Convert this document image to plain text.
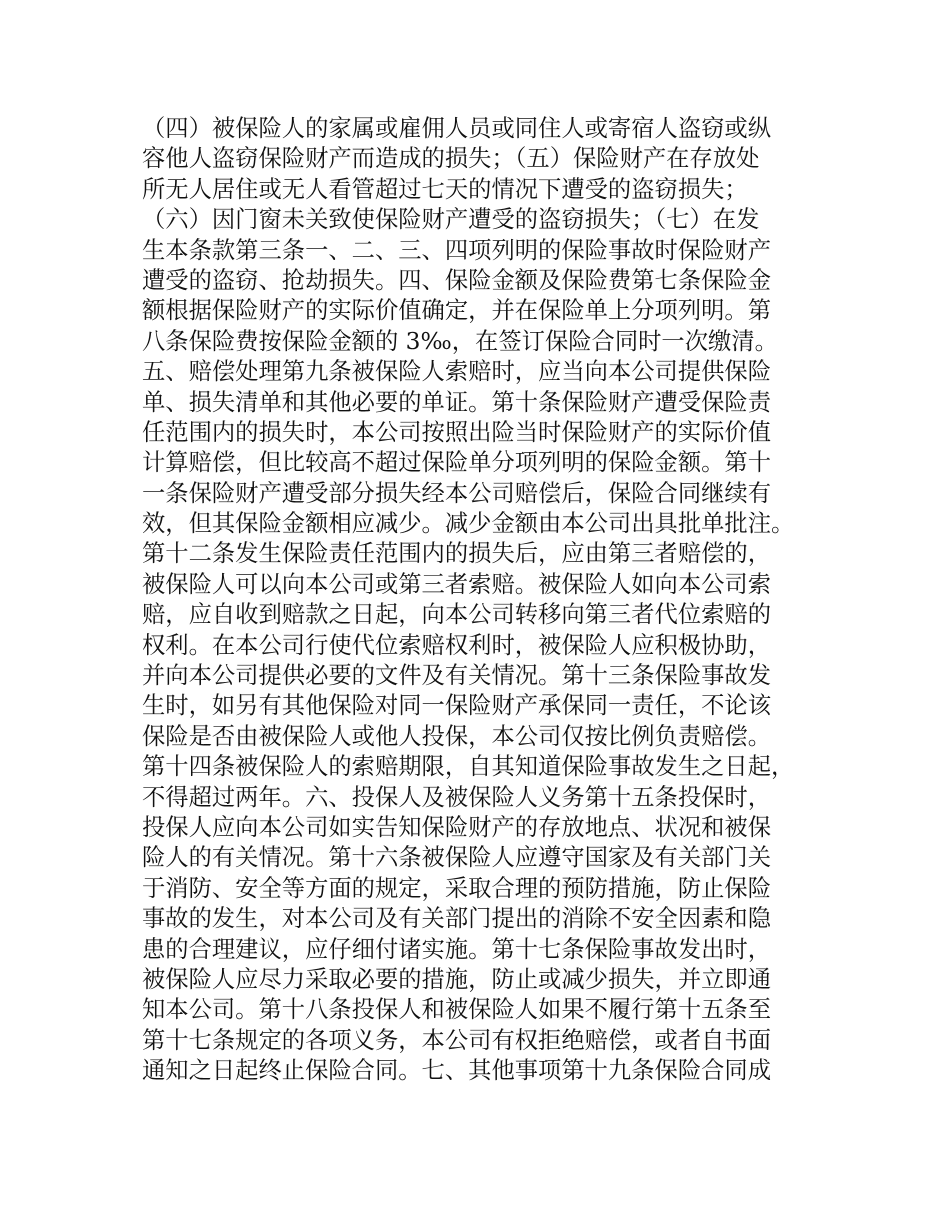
（四）被保险人的家属或雇佣人员或同住人或寄宿人盗窃或纵
容他人盗窃保险财产而造成的损失；（五）保险财产在存放处
所无人居住或无人看管超过七天的情况下遭受的盗窃损失；
（六）因门窗未关致使保险财产遭受的盗窃损失；（七）在发
生本条款第三条一、二、三、四项列明的保险事故时保险财产
遭受的盗窃、抢劫损失。四、保险金额及保险费第七条保险金
额根据保险财产的实际价值确定，并在保险单上分项列明。第
八条保险费按保险金额的 3‰，在签订保险合同时一次缴清。
五、赔偿处理第九条被保险人索赔时，应当向本公司提供保险
单、损失清单和其他必要的单证。第十条保险财产遭受保险责
任范围内的损失时，本公司按照出险当时保险财产的实际价值
计算赔偿，但比较高不超过保险单分项列明的保险金额。第十
一条保险财产遭受部分损失经本公司赔偿后，保险合同继续有
效，但其保险金额相应减少。减少金额由本公司出具批单批注。
第十二条发生保险责任范围内的损失后，应由第三者赔偿的，
被保险人可以向本公司或第三者索赔。被保险人如向本公司索
赔，应自收到赔款之日起，向本公司转移向第三者代位索赔的
权利。在本公司行使代位索赔权利时，被保险人应积极协助，
并向本公司提供必要的文件及有关情况。第十三条保险事故发
生时，如另有其他保险对同一保险财产承保同一责任，不论该
保险是否由被保险人或他人投保，本公司仅按比例负责赔偿。
第十四条被保险人的索赔期限，自其知道保险事故发生之日起，
不得超过两年。六、投保人及被保险人义务第十五条投保时，
投保人应向本公司如实告知保险财产的存放地点、状况和被保
险人的有关情况。第十六条被保险人应遵守国家及有关部门关
于消防、安全等方面的规定，采取合理的预防措施，防止保险
事故的发生，对本公司及有关部门提出的消除不安全因素和隐
患的合理建议，应仔细付诸实施。第十七条保险事故发出时，
被保险人应尽力采取必要的措施，防止或减少损失，并立即通
知本公司。第十八条投保人和被保险人如果不履行第十五条至
第十七条规定的各项义务，本公司有权拒绝赔偿，或者自书面
通知之日起终止保险合同。七、其他事项第十九条保险合同成
